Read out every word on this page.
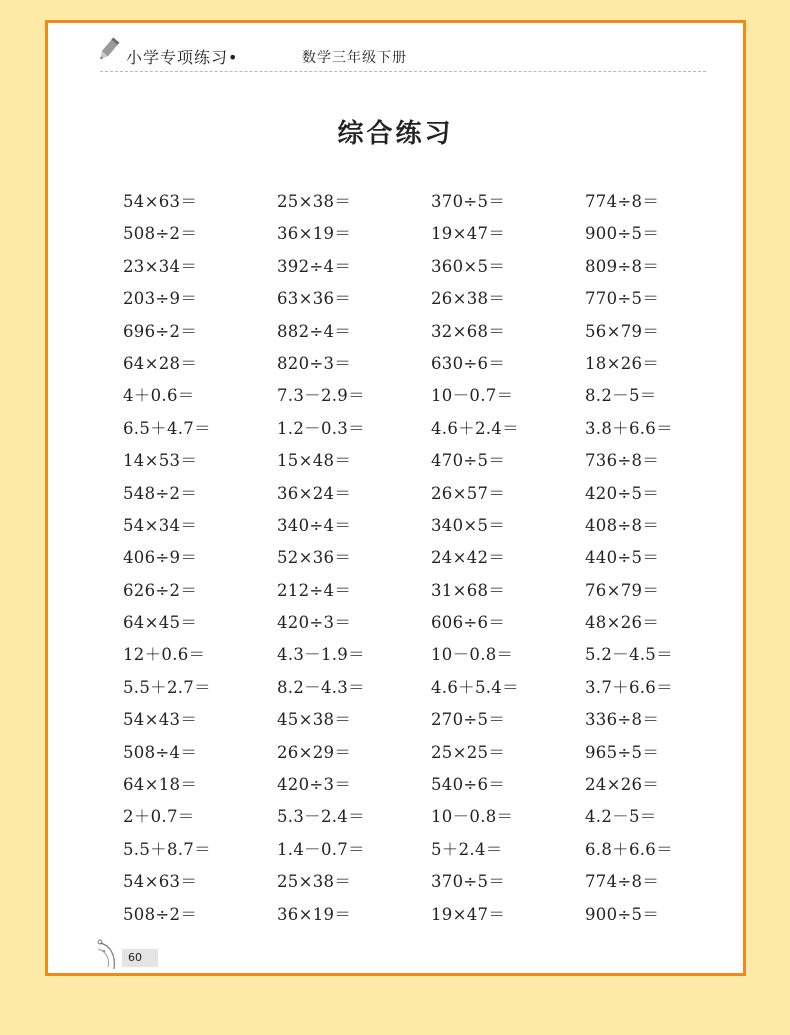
小学专项练习•	数学三年级下册
综合练习
54×63＝	25×38＝	370÷5＝	774÷8＝
508÷2＝	36×19＝	19×47＝	900÷5＝
23×34＝	392÷4＝	360×5＝	809÷8＝
203÷9＝	63×36＝	26×38＝	770÷5＝
696÷2＝	882÷4＝	32×68＝	56×79＝
64×28＝	820÷3＝	630÷6＝	18×26＝
4＋0.6＝	7.3－2.9＝	10－0.7＝	8.2－5＝
6.5＋4.7＝	1.2－0.3＝	4.6＋2.4＝	3.8＋6.6＝
14×53＝	15×48＝	470÷5＝	736÷8＝
548÷2＝	36×24＝	26×57＝	420÷5＝
54×34＝	340÷4＝	340×5＝	408÷8＝
406÷9＝	52×36＝	24×42＝	440÷5＝
626÷2＝	212÷4＝	31×68＝	76×79＝
64×45＝	420÷3＝	606÷6＝	48×26＝
12＋0.6＝	4.3－1.9＝	10－0.8＝	5.2－4.5＝
5.5＋2.7＝	8.2－4.3＝	4.6＋5.4＝	3.7＋6.6＝
54×43＝	45×38＝	270÷5＝	336÷8＝
508÷4＝	26×29＝	25×25＝	965÷5＝
64×18＝	420÷3＝	540÷6＝	24×26＝
2＋0.7＝	5.3－2.4＝	10－0.8＝	4.2－5＝
5.5＋8.7＝	1.4－0.7＝	5＋2.4＝	6.8＋6.6＝
54×63＝	25×38＝	370÷5＝	774÷8＝
508÷2＝	36×19＝	19×47＝	900÷5＝
60
